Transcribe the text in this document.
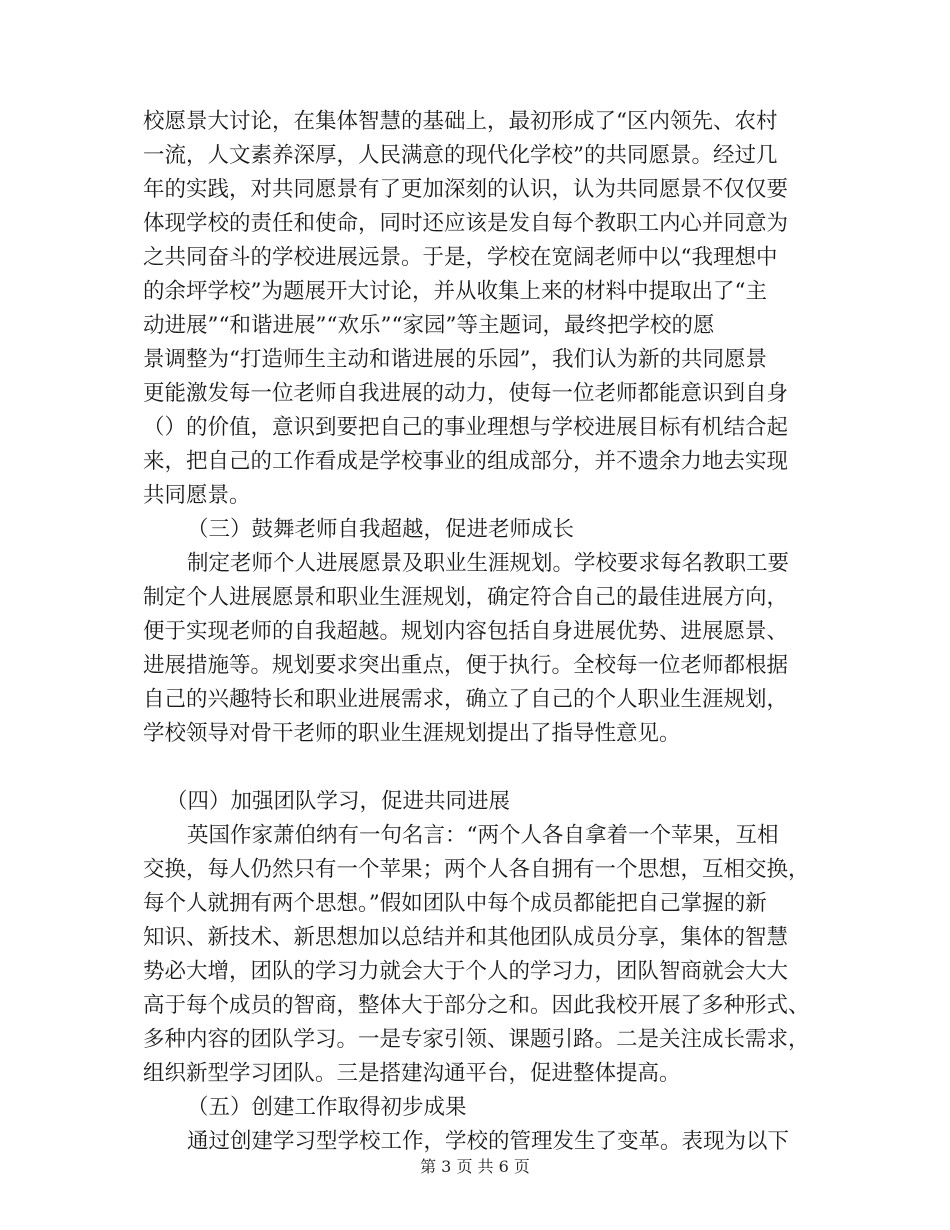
校愿景大讨论，在集体智慧的基础上，最初形成了“区内领先、农村
一流，人文素养深厚，人民满意的现代化学校”的共同愿景。经过几
年的实践，对共同愿景有了更加深刻的认识，认为共同愿景不仅仅要
体现学校的责任和使命，同时还应该是发自每个教职工内心并同意为
之共同奋斗的学校进展远景。于是，学校在宽阔老师中以“我理想中
的余坪学校”为题展开大讨论，并从收集上来的材料中提取出了“主
动进展”“和谐进展”“欢乐”“家园”等主题词，最终把学校的愿
景调整为“打造师生主动和谐进展的乐园”，我们认为新的共同愿景
更能激发每一位老师自我进展的动力，使每一位老师都能意识到自身
（）的价值，意识到要把自己的事业理想与学校进展目标有机结合起
来，把自己的工作看成是学校事业的组成部分，并不遗余力地去实现
共同愿景。
（三）鼓舞老师自我超越，促进老师成长
制定老师个人进展愿景及职业生涯规划。学校要求每名教职工要
制定个人进展愿景和职业生涯规划，确定符合自己的最佳进展方向，
便于实现老师的自我超越。规划内容包括自身进展优势、进展愿景、
进展措施等。规划要求突出重点，便于执行。全校每一位老师都根据
自己的兴趣特长和职业进展需求，确立了自己的个人职业生涯规划，
学校领导对骨干老师的职业生涯规划提出了指导性意见。
（四）加强团队学习，促进共同进展
英国作家萧伯纳有一句名言：“两个人各自拿着一个苹果，互相
交换，每人仍然只有一个苹果；两个人各自拥有一个思想，互相交换，
每个人就拥有两个思想。”假如团队中每个成员都能把自己掌握的新
知识、新技术、新思想加以总结并和其他团队成员分享，集体的智慧
势必大增，团队的学习力就会大于个人的学习力，团队智商就会大大
高于每个成员的智商，整体大于部分之和。因此我校开展了多种形式、
多种内容的团队学习。一是专家引领、课题引路。二是关注成长需求，
组织新型学习团队。三是搭建沟通平台，促进整体提高。
（五）创建工作取得初步成果
通过创建学习型学校工作，学校的管理发生了变革。表现为以下
第 3 页 共 6 页
